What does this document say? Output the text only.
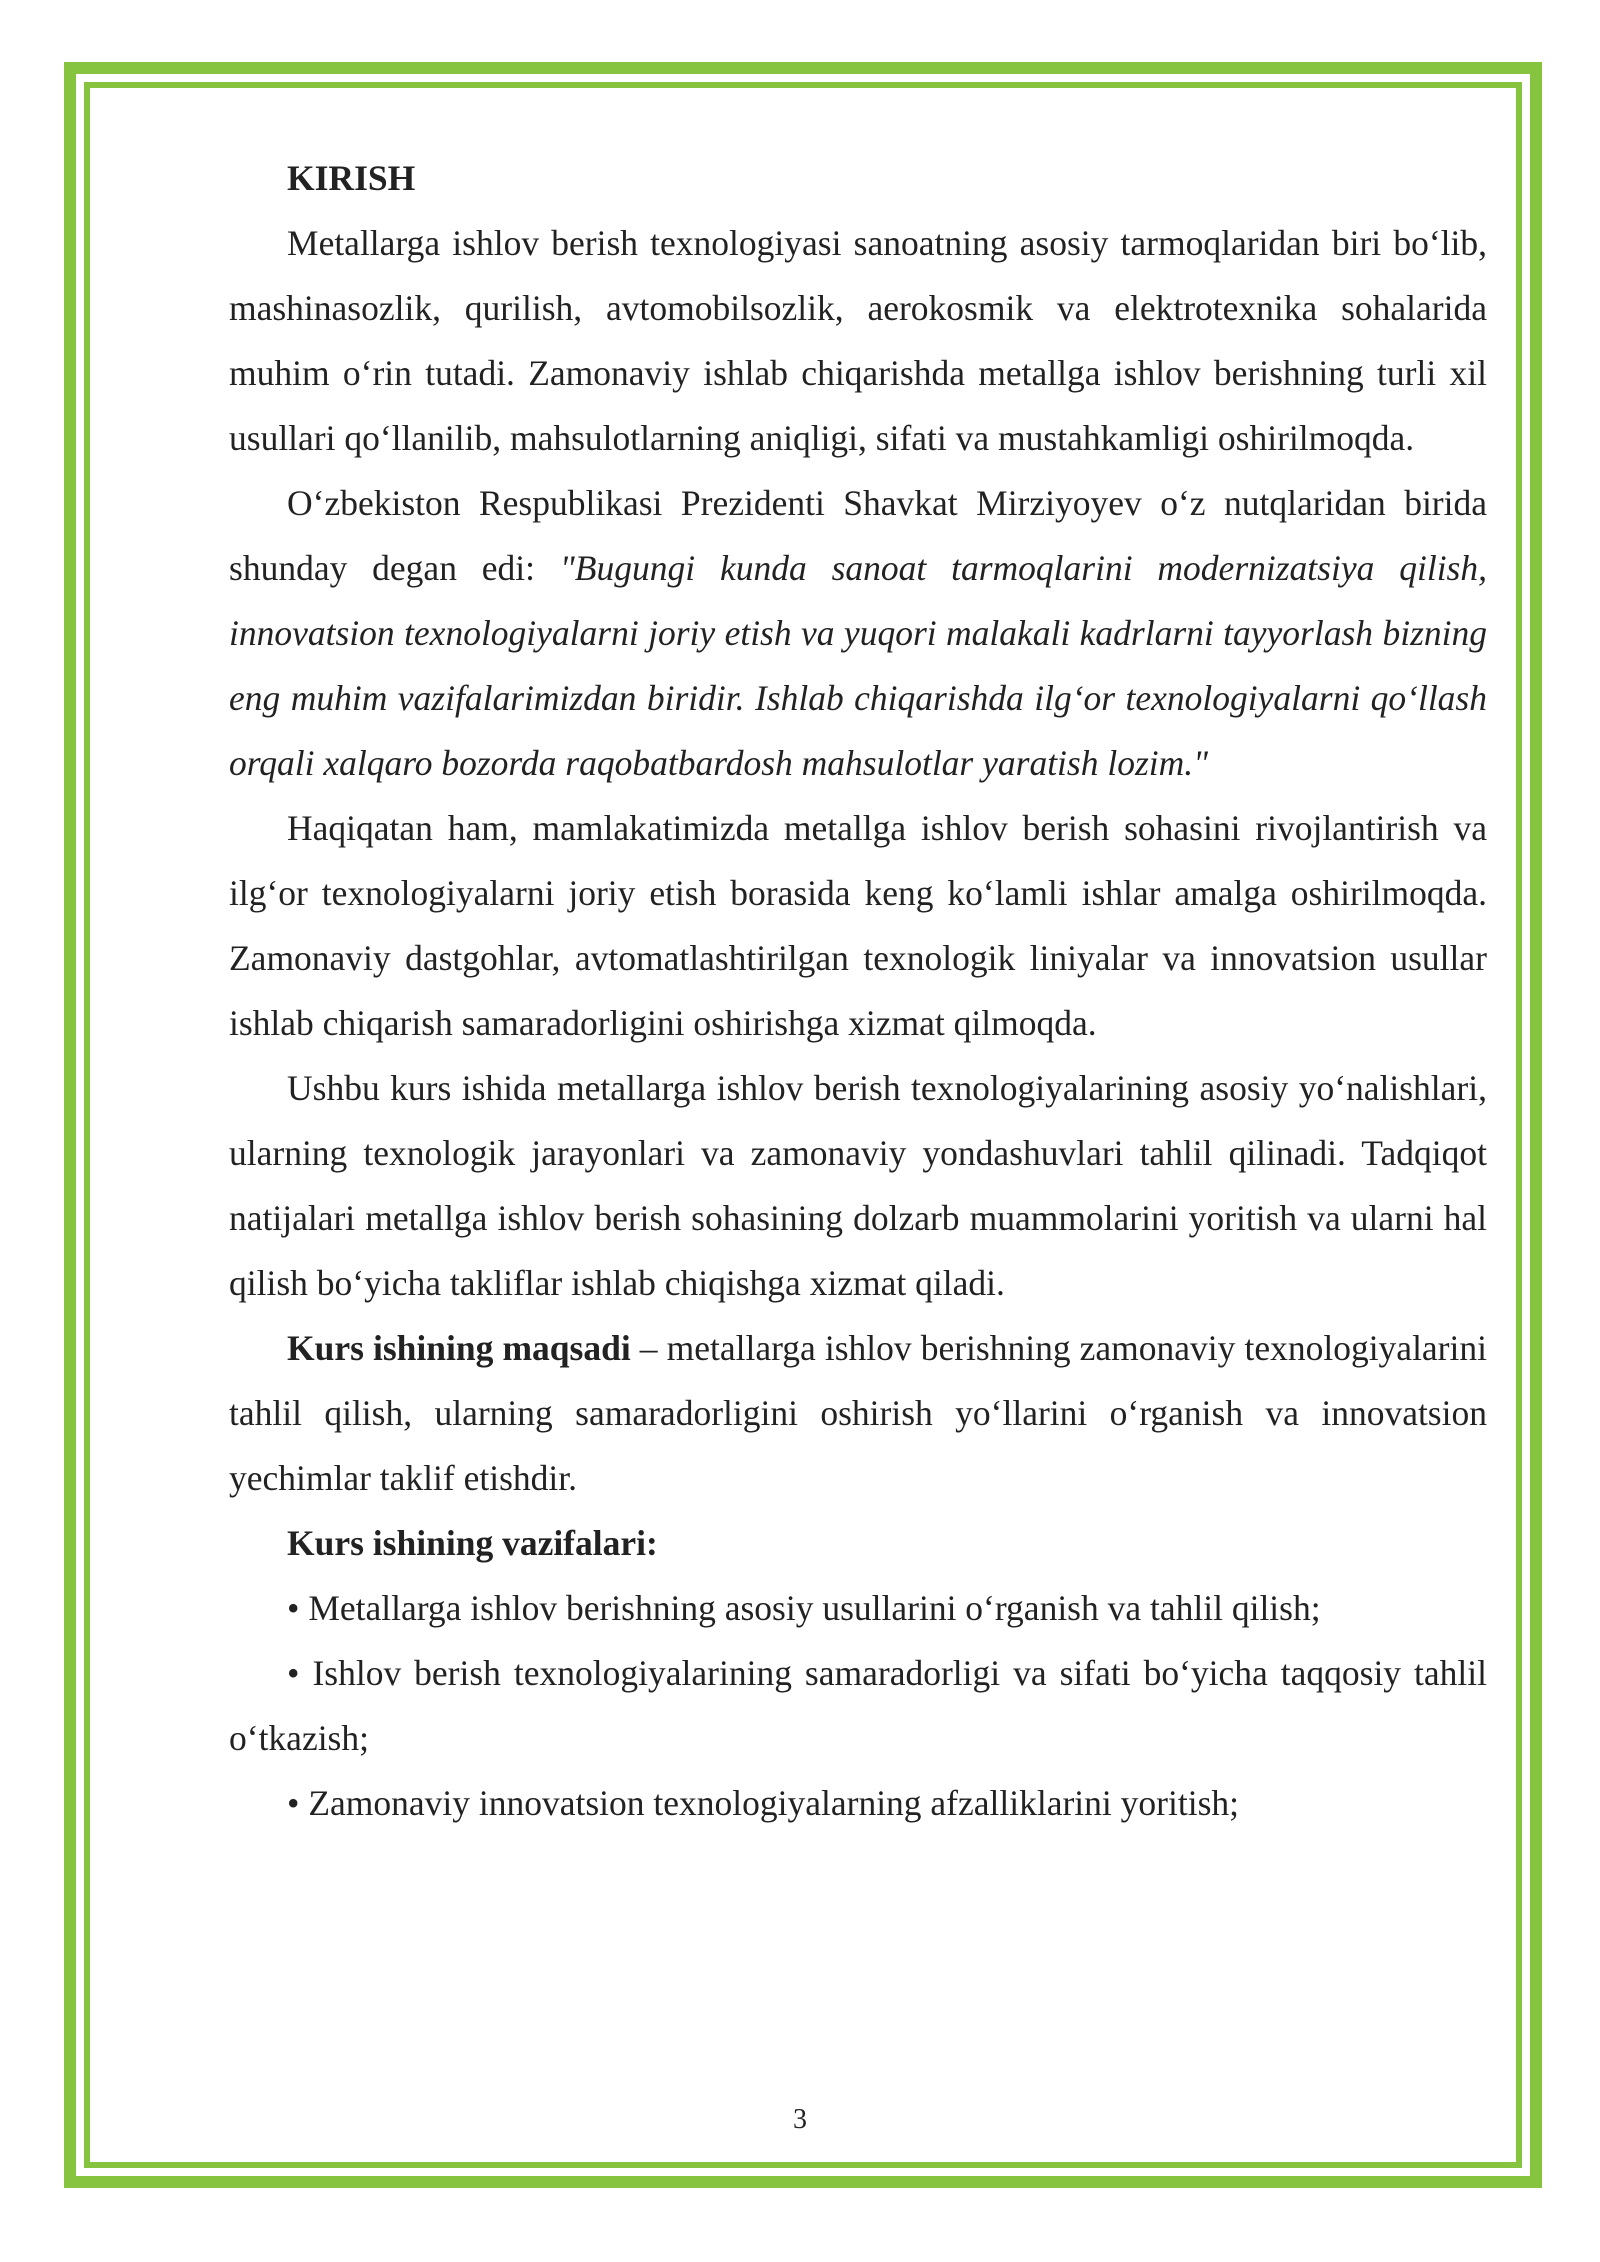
KIRISH

Metallarga ishlov berish texnologiyasi sanoatning asosiy tarmoqlaridan biri boʻlib, mashinasozlik, qurilish, avtomobilsozlik, aerokosmik va elektrotexnika sohalarida muhim oʻrin tutadi. Zamonaviy ishlab chiqarishda metallga ishlov berishning turli xil usullari qoʻllanilib, mahsulotlarning aniqligi, sifati va mustahkamligi oshirilmoqda.

Oʻzbekiston Respublikasi Prezidenti Shavkat Mirziyoyev oʻz nutqlaridan birida shunday degan edi: "Bugungi kunda sanoat tarmoqlarini modernizatsiya qilish, innovatsion texnologiyalarni joriy etish va yuqori malakali kadrlarni tayyorlash bizning eng muhim vazifalarimizdan biridir. Ishlab chiqarishda ilgʻor texnologiyalarni qoʻllash orqali xalqaro bozorda raqobatbardosh mahsulotlar yaratish lozim."

Haqiqatan ham, mamlakatimizda metallga ishlov berish sohasini rivojlantirish va ilgʻor texnologiyalarni joriy etish borasida keng koʻlamli ishlar amalga oshirilmoqda. Zamonaviy dastgohlar, avtomatlashtirilgan texnologik liniyalar va innovatsion usullar ishlab chiqarish samaradorligini oshirishga xizmat qilmoqda.

Ushbu kurs ishida metallarga ishlov berish texnologiyalarining asosiy yoʻnalishlari, ularning texnologik jarayonlari va zamonaviy yondashuvlari tahlil qilinadi. Tadqiqot natijalari metallga ishlov berish sohasining dolzarb muammolarini yoritish va ularni hal qilish boʻyicha takliflar ishlab chiqishga xizmat qiladi.

Kurs ishining maqsadi – metallarga ishlov berishning zamonaviy texnologiyalarini tahlil qilish, ularning samaradorligini oshirish yoʻllarini oʻrganish va innovatsion yechimlar taklif etishdir.

Kurs ishining vazifalari:

• Metallarga ishlov berishning asosiy usullarini oʻrganish va tahlil qilish;

• Ishlov berish texnologiyalarining samaradorligi va sifati boʻyicha taqqosiy tahlil oʻtkazish;

• Zamonaviy innovatsion texnologiyalarning afzalliklarini yoritish;

3
